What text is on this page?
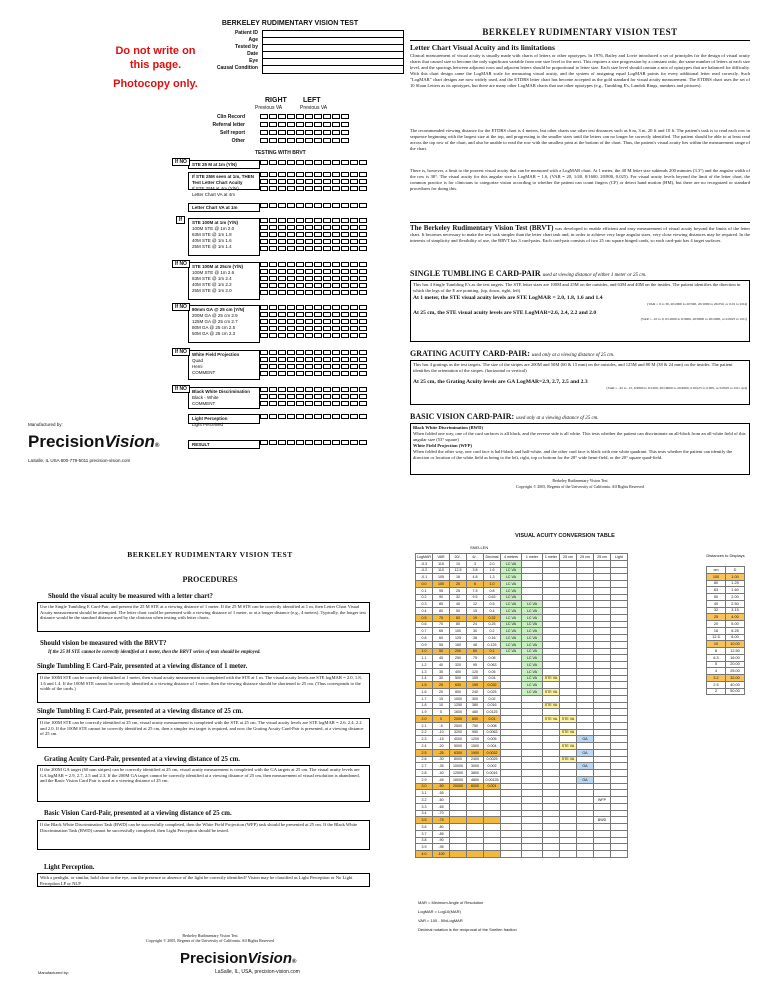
BERKELEY RUDIMENTARY VISION TEST
Patient ID
Age
Tested by
Date
Eye
Causal Condition
Do not write on this page.
Photocopy only.
RIGHT LEFT
Previous VA	Previous VA
Clin Record
Referral letter
Self report
Other
TESTING WITH BRVT
STE 25 M at 1m (Y/N)
If NO
If STE 25M seen at 1m, THEN Test Letter Chart Acuity
If STE 25M at 4m (Y/N)
Letter Chart VA at 4m
Letter Chart VA at 1m
STE 100M at 1m (Y/N)
100M STE @ 1m 2.0
63M STE @ 1m 1.8
40M STE @ 1m 1.6
25M STE @ 1m 1.4
If
STE 100M at 25cm (Y/N)
100M STE @ 1m 2.6
63M STE @ 1m 2.4
40M STE @ 1m 2.2
25M STE @ 1m 2.0
If NO
80mm GA @ 25 cm (Y/N)
200M GA @ 25 cm 2.9
125M GA @ 25 cm 2.7
80M GA @ 25 cm 2.5
50M GA @ 25 cm 2.3
If NO
White Field Projection
Quad
Hemi
COMMENT
If NO
Black White Discrimination
Black - White
COMMENT
If NO
Light Perception
Light Perceived
RESULT
Manufactured by:
PrecisionVision®
LaSalle, IL USA 800-779-5011 precision-vision.com
BERKELEY RUDIMENTARY VISION TEST
Letter Chart Visual Acuity and its limitations
Clinical measurement of visual acuity is usually made with charts of letters or other optotypes. In 1976, Bailey and Lovie introduced a set of principles for the design of visual acuity charts that caused size to become the only significant variable from one size level to the next. This requires a size progression by a constant ratio, the same number of letters at each size level, and the spacings between adjacent rows and adjacent letters should be proportional to letter size. Each size level should contain a mix of optotypes that are balanced for difficulty. With this chart design came the LogMAR scale for measuring visual acuity, and the system of assigning equal LogMAR points for every additional letter read correctly. Such "LogMAR" chart designs are now widely used, and the ETDRS letter chart has become accepted as the gold standard for visual acuity measurement. The ETDRS chart uses the set of 10 Sloan Letters as its optotypes, but there are many other LogMAR charts that use other optotypes (e.g., Tumbling E's, Landolt Rings, numbers and pictures).
The recommended viewing distance for the ETDRS chart is 4 meters, but other charts use other test distances such as 6 m, 3 m, 20 ft and 10 ft. The patient's task is to read each row in sequence beginning with the largest size at the top, and progressing to the smaller sizes until the letters can no longer be correctly identified. The patient should be able to at least read across the top row of the chart, and also be unable to read the row with the smallest print at the bottom of the chart. Thus, the patient's visual acuity lies within the measurement range of the chart.
There is, however, a limit to the poorest visual acuity that can be measured with a LogMAR chart. At 1 meter, the 40 M letter size subtends 200 minutes (3.3°) and the angular width of the row is 30°. The visual acuity for this angular size is LogMAR = 1.6, (VAR = 20, 1/40, 8/1600, 20/800, 0.025). For visual acuity levels beyond the limit of the letter chart, the common practice is for clinicians to categorize vision according to whether the patient can count fingers (CF) or detect hand motion (HM), but there are no recognized or standard procedures for doing this.
The Berkeley Rudimentary Vision Test (BRVT) was developed to enable efficient and easy measurement of visual acuity beyond the limits of the letter chart. It becomes necessary to make the test task simpler than the letter chart task and, in order to achieve very large angular sizes, very close viewing distances may be required. In the interests of simplicity and flexibility of use, the BRVT has 3 card-pairs. Each card-pair consists of two 25 cm square hinged cards, so each card-pair has 4 target surfaces.
SINGLE TUMBLING E CARD-PAIR used at viewing distance of either 1 meter or 25 cm.
This has 4 Single Tumbling E's as the test targets. The STE letter sizes are 100M and 25M on the outsides, and 63M and 40M on the insides. The patient identifies the direction in which the legs of the E are pointing. (up, down, right, left)
At 1 meter, the STE visual acuity levels are STE LogMAR = 2.0, 1.8, 1.6 and 1.4
(VAR = 0 to 30, 20/2000 to 20/500, 20/1000 to 20/250, or 0.01 to 0.04)
At 25 cm, the STE visual acuity levels are STE LogMAR=2.6, 2.4, 2.2 and 2.0
(VAR = -10 to 0, 6/12000 to 6/3000, 20/8000 to 20/2000, or 0.0025 to 0.01)
GRATING ACUITY CARD-PAIR: used only at a viewing distance of 25 cm.
This has 4 gratings as the test targets. The size of the stripes are 200M and 50M (60 & 15 mm) on the outsides, and 125M and 80 M (38 & 24 mm) on the insides. The patient identifies the orientation of the stripes. (horizontal or vertical)
At 25 cm, the Grating Acuity levels are GA LogMAR=2.9, 2.7, 2.5 and 2.3
(VAR = -45 to -15, 6/4800 to 6/1200, 20/16000 to 20/4000, 0.00125 to 0.005, or 0.0025 to 0.01 cpd)
BASIC VISION CARD-PAIR: used only at a viewing distance of 25 cm.
Black White Discrimination (BWD)
When folded one way, one of the card surfaces is all black, and the reverse side is all white. This tests whether the patient can discriminate an all-black from an all-white field of this angular size (53° square)
White Field Projection (WFP)
When folded the other way, one card face is half-black and half-white, and the other card face is black with one white quadrant. This tests whether the patient can identify the direction or location of the white field as being to the left, right, top or bottom for the 28° wide hemi-field, or the 20° square quad-field.
Berkeley Rudimentary Vision Test
Copyright © 2005, Regents of the University of California. All Rights Reserved
BERKELEY RUDIMENTARY VISION TEST
PROCEDURES
Should the visual acuity be measured with a letter chart?
Use the Single Tumbling E Card-Pair, and present the 25 M STE at a viewing distance of 1 meter. If the 25 M STE can be correctly identified at 1 m, then Letter Chart Visual Acuity measurement should be attempted. The letter chart could be presented with a viewing distance of 1 meter, or at a longer distance (e.g., 4 meters). Typically, the longer test distance would be the standard distance used by the clinician when testing with letter charts.
Should vision be measured with the BRVT?
If the 25 M STE cannot be correctly identified at 1 meter, then the BRVT series of tests should be employed.
Single Tumbling E Card-Pair, presented at a viewing distance of 1 meter.
If the 100M STE can be correctly identified at 1 meter, then visual acuity measurement is completed with the STE at 1 m. The visual acuity levels are STE logMAR = 2.0, 1.8, 1.6 and 1.4. If the 100M STE cannot be correctly identified at a viewing distance of 1 meter, then the viewing distance should be shortened to 25 cm. (Thus corresponds to the width of the cards.)
Single Tumbling E Card-Pair, presented at a viewing distance of 25 cm.
If the 100M STE can be correctly identified at 25 cm, visual acuity measurement is completed with the STE at 25 cm. The visual acuity levels are STE logMAR = 2.6, 2.4, 2.2 and 2.0. If the 100M STE cannot be correctly identified at 25 cm, then a simpler test target is required, and now the Grating Acuity Card-Pair is presented, at a viewing distance of 25 cm.
Grating Acuity Card-Pair, presented at a viewing distance of 25 cm.
If the 200M GA target (60 mm stripes) can be correctly identified at 25 cm, visual acuity measurement is completed with the GA targets at 25 cm. The visual acuity levels are GA logMAR = 2.9, 2.7, 2.5 and 2.3. If the 200M GA target cannot be correctly identified at a viewing distance of 25 cm, then measurement of visual resolution is abandoned, and the Basic Vision Card Pair is used at a viewing distance of 25 cm.
Basic Vision Card-Pair, presented at a viewing distance of 25 cm.
If the Black White Discrimination Task (BWD) can be successfully completed, then the White Field Projection (WFP) task should be presented at 25 cm. If the Black White Discrimination Task (BWD) cannot be successfully completed, then Light Perception should be tested.
Light Perception.
With a penlight, or similar, hold close to the eye, can the presence or absence of the light be correctly identified? Vision may be classified as Light Perception or No Light Perception LP or NLP
Berkeley Rudimentary Vision Test
Copyright © 2005, Regents of the University of California. All Rights Reserved
Manufactured by:
PrecisionVision®
LaSalle, IL, USA, precision-vision.com
VISUAL ACUITY CONVERSION TABLE
SNELLEN
LogMAR	VAR	20/..	6/..	Decimal	4 meters	1 meter	1 meter	25 cm	25 cm	25 cm	Light
-0.3	115	10	3	2.0	LC VA						
-0.2	110	12.5	3.8	1.6	LC VA						
-0.1	105	16	4.8	1.3	LC VA						
0.0	100	20	6	1.0	LC VA						
0.1	95	25	7.5	0.8	LC VA						
0.2	90	32	9.5	0.63	LC VA						
0.3	85	40	12	0.5	LC VA	LC VA					
0.4	80	50	15	0.4	LC VA	LC VA					
0.5	75	63	19	0.32	LC VA	LC VA					
0.6	70	80	24	0.25	LC VA	LC VA					
0.7	65	100	30	0.2	LC VA	LC VA					
0.8	60	125	38	0.16	LC VA	LC VA					
0.9	55	160	48	0.125	LC VA	LC VA					
1.0	50	200	60	0.1	LC VA	LC VA					
1.1	45	250	75	0.08		LC VA					
1.2	40	320	95	0.063		LC VA					
1.3	35	400	120	0.05		LC VA					
1.4	30	500	150	0.04		LC VA	STE VA				
1.5	25	630	190	0.032		LC VA					
1.6	20	800	240	0.025		LC VA	STE VA				
1.7	15	1000	300	0.02							
1.8	10	1250	380	0.016			STE VA				
1.9	5	1600	480	0.0125							
2.0	0	2000	600	0.01			STE VA	STE VA			
2.1	-5	2500	750	0.008							
2.2	-10	3200	950	0.0063				STE VA			
2.3	-15	4000	1200	0.005					GA		
2.4	-20	5000	1500	0.004				STE VA			
2.5	-25	6300	1900	0.0032					GA		
2.6	-30	8000	2400	0.0025				STE VA			
2.7	-35	10000	3000	0.002					GA		
2.8	-40	12500	3800	0.0016							
2.9	-45	16000	4800	0.00125					GA		
3.0	-50	20000	6000	0.001							
3.1	-55										
3.2	-60									WFP	
3.3	-65										
3.4	-70										
3.5	-75									BWD	
3.6	-80										
3.7	-85										
3.8	-90										
3.9	-95										
4.0	-100										
Distances to Displays
cm	D
100	1.00
80	1.25
63	1.60
50	2.00
40	2.50
32	3.15
25	4.00
20	5.00
16	6.25
12.5	8.00
10	10.00
8	12.50
6.3	16.00
5	20.00
4	25.00
3.2	32.00
2.5	40.00
2	50.00
MAR = Minimum Angle of Resolution
LogMAR = Log10(MAR)
VAR = 100 - 50xLogMAR
Decimal notation is the reciprocal of the Snellen fraction
